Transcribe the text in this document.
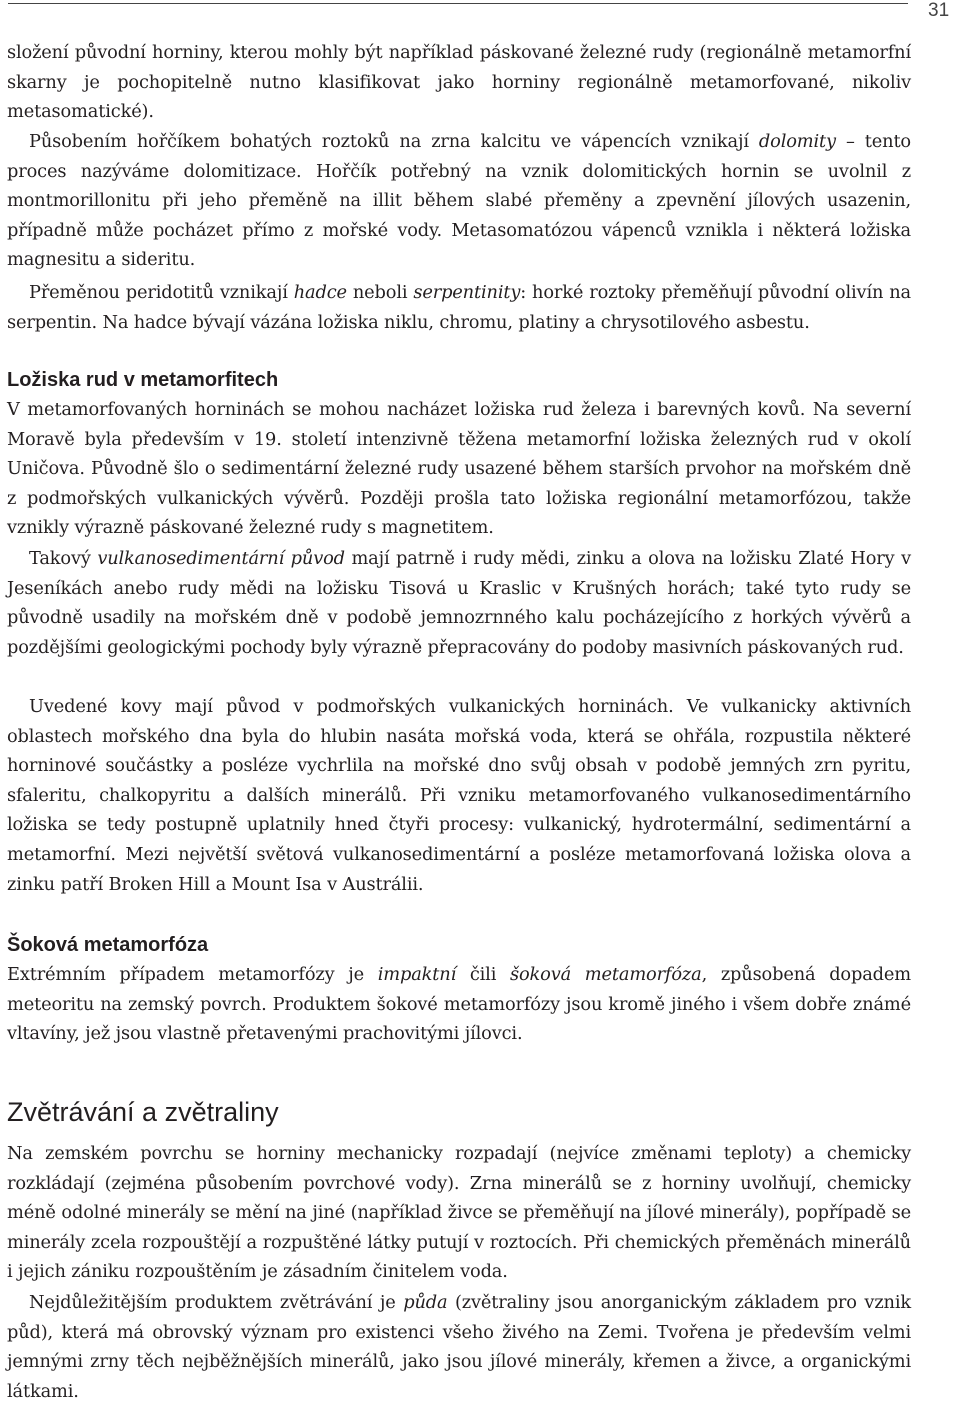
31

složení původní horniny, kterou mohly být například páskované železné rudy (regionálně metamorfní skarny je pochopitelně nutno klasifikovat jako horniny regionálně metamorfované, nikoliv metasomatické).

Působením hořčíkem bohatých roztoků na zrna kalcitu ve vápencích vznikají dolomity – tento proces nazýváme dolomitizace. Hořčík potřebný na vznik dolomitických hornin se uvolnil z montmorillonitu při jeho přeměně na illit během slabé přeměny a zpevnění jílových usazenin, případně může pocházet přímo z mořské vody. Metasomatózou vápenců vznikla i některá ložiska magnesitu a sideritu.

Přeměnou peridotitů vznikají hadce neboli serpentinity: horké roztoky přeměňují původní olivín na serpentin. Na hadce bývají vázána ložiska niklu, chromu, platiny a chrysotilového asbestu.

Ložiska rud v metamorfitech

V metamorfovaných horninách se mohou nacházet ložiska rud železa i barevných kovů. Na severní Moravě byla především v 19. století intenzivně těžena metamorfní ložiska železných rud v okolí Uničova. Původně šlo o sedimentární železné rudy usazené během starších prvohor na mořském dně z podmořských vulkanických vývěrů. Později prošla tato ložiska regionální metamorfózou, takže vznikly výrazně páskované železné rudy s magnetitem.

Takový vulkanosedimentární původ mají patrně i rudy mědi, zinku a olova na ložisku Zlaté Hory v Jeseníkách anebo rudy mědi na ložisku Tisová u Kraslic v Krušných horách; také tyto rudy se původně usadily na mořském dně v podobě jemnozrnného kalu pocházejícího z horkých vývěrů a pozdějšími geologickými pochody byly výrazně přepracovány do podoby masivních páskovaných rud.

Uvedené kovy mají původ v podmořských vulkanických horninách. Ve vulkanicky aktivních oblastech mořského dna byla do hlubin nasáta mořská voda, která se ohřála, rozpustila některé horninové součástky a posléze vychrlila na mořské dno svůj obsah v podobě jemných zrn pyritu, sfaleritu, chalkopyritu a dalších minerálů. Při vzniku metamorfovaného vulkanosedimentárního ložiska se tedy postupně uplatnily hned čtyři procesy: vulkanický, hydrotermální, sedimentární a metamorfní. Mezi největší světová vulkanosedimentární a posléze metamorfovaná ložiska olova a zinku patří Broken Hill a Mount Isa v Austrálii.

Šoková metamorfóza

Extrémním případem metamorfózy je impaktní čili šoková metamorfóza, způsobená dopadem meteoritu na zemský povrch. Produktem šokové metamorfózy jsou kromě jiného i všem dobře známé vltavíny, jež jsou vlastně přetavenými prachovitými jílovci.

Zvětrávání a zvětraliny

Na zemském povrchu se horniny mechanicky rozpadají (nejvíce změnami teploty) a chemicky rozkládají (zejména působením povrchové vody). Zrna minerálů se z horniny uvolňují, chemicky méně odolné minerály se mění na jiné (například živce se přeměňují na jílové minerály), popřípadě se minerály zcela rozpouštějí a rozpuštěné látky putují v roztocích. Při chemických přeměnách minerálů i jejich zániku rozpouštěním je zásadním činitelem voda.

Nejdůležitějším produktem zvětrávání je půda (zvětraliny jsou anorganickým základem pro vznik půd), která má obrovský význam pro existenci všeho živého na Zemi. Tvořena je především velmi jemnými zrny těch nejběžnějších minerálů, jako jsou jílové minerály, křemen a živce, a organickými látkami.
